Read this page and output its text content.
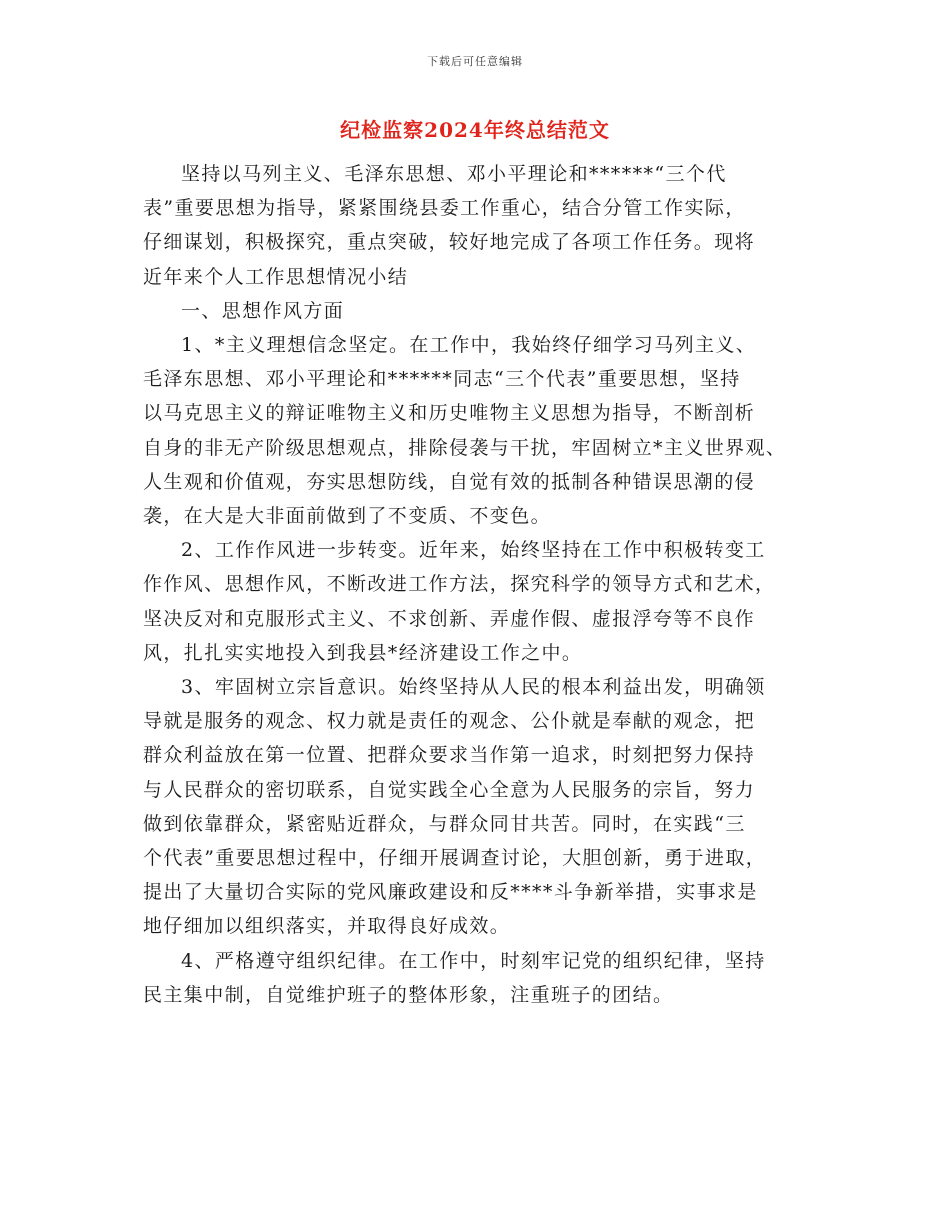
下载后可任意编辑
纪检监察2024年终总结范文

坚持以马列主义、毛泽东思想、邓小平理论和******“三个代
表”重要思想为指导，紧紧围绕县委工作重心，结合分管工作实际，
仔细谋划，积极探究，重点突破，较好地完成了各项工作任务。现将
近年来个人工作思想情况小结

一、思想作风方面

1、*主义理想信念坚定。在工作中，我始终仔细学习马列主义、
毛泽东思想、邓小平理论和******同志“三个代表”重要思想，坚持
以马克思主义的辩证唯物主义和历史唯物主义思想为指导，不断剖析
自身的非无产阶级思想观点，排除侵袭与干扰，牢固树立*主义世界观、
人生观和价值观，夯实思想防线，自觉有效的抵制各种错误思潮的侵
袭，在大是大非面前做到了不变质、不变色。

2、工作作风进一步转变。近年来，始终坚持在工作中积极转变工
作作风、思想作风，不断改进工作方法，探究科学的领导方式和艺术，
坚决反对和克服形式主义、不求创新、弄虚作假、虚报浮夸等不良作
风，扎扎实实地投入到我县*经济建设工作之中。

3、牢固树立宗旨意识。始终坚持从人民的根本利益出发，明确领
导就是服务的观念、权力就是责任的观念、公仆就是奉献的观念，把
群众利益放在第一位置、把群众要求当作第一追求，时刻把努力保持
与人民群众的密切联系，自觉实践全心全意为人民服务的宗旨，努力
做到依靠群众，紧密贴近群众，与群众同甘共苦。同时，在实践“三
个代表”重要思想过程中，仔细开展调查讨论，大胆创新，勇于进取，
提出了大量切合实际的党风廉政建设和反****斗争新举措，实事求是
地仔细加以组织落实，并取得良好成效。

4、严格遵守组织纪律。在工作中，时刻牢记党的组织纪律，坚持
民主集中制，自觉维护班子的整体形象，注重班子的团结。
